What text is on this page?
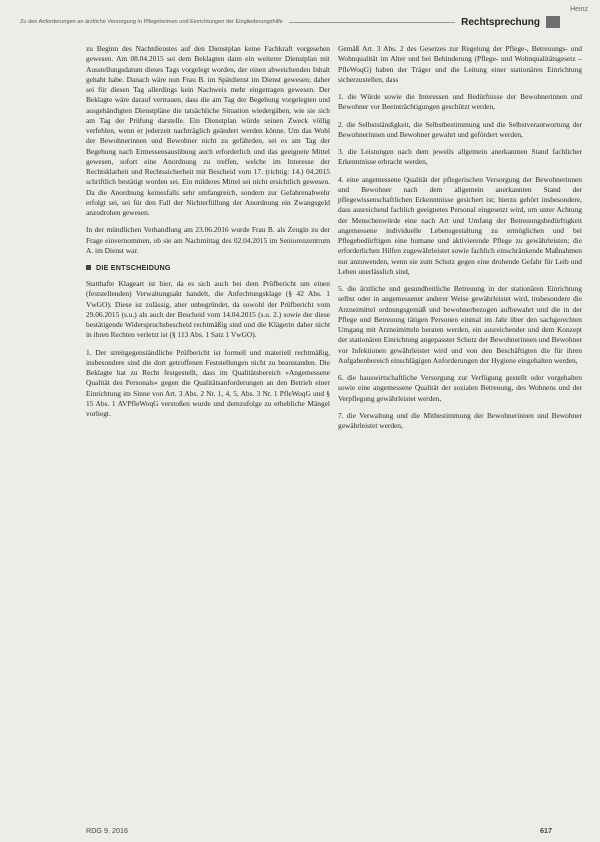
Heinz
Zu den Anforderungen an ärztliche Versorgung in Pflegeheimen und Einrichtungen der Eingliederungshilfe	Rechtsprechung

zu Beginn des Nachtdienstes auf den Dienstplan keine Fachkraft vorgesehen gewesen. Am 08.04.2015 sei dem Beklagten dann ein weiterer Dienstplan mit Ausstellungsdatum dieses Tags vorgelegt worden, der einen abweichenden Inhalt gehabt habe. Danach wäre nun Frau B. im Spätdienst im Dienst gewesen; daher sei für diesen Tag allerdings kein Nachweis mehr eingetragen gewesen. Der Beklagte wäre darauf vertrauen, dass die am Tag der Begehung vorgelegten und ausgehändigten Dienstpläne die tatsächliche Situation wiedergäben, wie sie sich am Tag der Prüfung darstelle. Ein Dienstplan würde seinen Zweck völlig verfehlen, wenn er jederzeit nachträglich geändert werden könne. Um das Wohl der Bewohnerinnen und Bewohner nicht zu gefährden, sei es am Tag der Begehung nach Ermessensausübung auch erforderlich und das geeignete Mittel gewesen, sofort eine Anordnung zu treffen, welche im Interesse der Rechtsklarheit und Rechtssicherheit mit Bescheid vom 17. (richtig: 14.) 04.2015 schriftlich bestätigt worden sei. Ein milderes Mittel sei nicht ersichtlich gewesen. Da die Anordnung keinesfalls sehr umfangreich, sondern zur Gefahrenabwehr erfolgt sei, sei für den Fall der Nichterfüllung der Anordnung ein Zwangsgeld anzudrohen gewesen.

In der mündlichen Verhandlung am 23.06.2016 wurde Frau B. als Zeugin zu der Frage einvernommen, ob sie am Nachmittag des 02.04.2015 im Seniorenzentrum A. im Dienst war.

DIE ENTSCHEIDUNG

Statthafte Klageart ist hier, da es sich auch bei dem Prüfbericht um einen (feststellenden) Verwaltungsakt handelt, die Anfechtungsklage (§ 42 Abs. 1 VwGO). Diese ist zulässig, aber unbegründet, da sowohl der Prüfbericht vom 29.06.2015 (s.u.) als auch der Bescheid vom 14.04.2015 (s.u. 2.) sowie der diese bestätigende Widerspruchsbescheid rechtmäßig sind und die Klägerin daher nicht in ihren Rechten verletzt ist (§ 113 Abs. 1 Satz 1 VwGO).

1. Der streitgegenständliche Prüfbericht ist formell und materiell rechtmäßig, insbesondere sind die dort getroffenen Feststellungen nicht zu beanstanden. Die Beklagte hat zu Recht festgestellt, dass im Qualitätsbereich »Angemessene Qualität des Personals« gegen die Qualitätsanforderungen an den Betrieb einer Einrichtung im Sinne von Art. 3 Abs. 2 Nr. 1, 4, 5, Abs. 3 Nr. 1 PfleWoqG und § 15 Abs. 1 AVPfleWoqG verstoßen wurde und demzufolge zu erhebliche Mängel vorliegt.

Gemäß Art. 3 Abs. 2 des Gesetzes zur Regelung der Pflege-, Betreuungs- und Wohnqualität im Alter und bei Behinderung (Pflege- und Wohnqualitätsgesetz – PfleWoqG) haben der Träger und die Leitung einer stationären Einrichtung sicherzustellen, dass

1. die Würde sowie die Interessen und Bedürfnisse der Bewohnerinnen und Bewohner vor Beeinträchtigungen geschützt werden,

2. die Selbstständigkeit, die Selbstbestimmung und die Selbstverantwortung der Bewohnerinnen und Bewohner gewahrt und gefördert werden,

3. die Leistungen nach dem jeweils allgemein anerkannten Stand fachlicher Erkenntnisse erbracht werden,

4. eine angemessene Qualität der pflegerischen Versorgung der Bewohnerinnen und Bewohner nach dem allgemein anerkannten Stand der pflegewissenschaftlichen Erkenntnisse gesichert ist; hierzu gehört insbesondere, dass ausreichend fachlich geeignetes Personal eingesetzt wird, um unter Achtung der Menschenwürde eine nach Art und Umfang der Betreuungsbedürftigkeit angemessene individuelle Lebensgestaltung zu ermöglichen und bei Pflegebedürftigen eine humane und aktivierende Pflege zu gewährleisten; die erforderlichen Hilfen zugewährleistet sowie fachlich einschränkende Maßnahmen nur anzuwenden, wenn sie zum Schutz gegen eine drohende Gefahr für Leib und Leben unerlässlich sind,

5. die ärztliche und gesundheitliche Betreuung in der stationären Einrichtung selbst oder in angemessener anderer Weise gewährleistet wird, insbesondere die Arzneimittel ordnungsgemäß und bewohnerbezogen aufbewahrt und die in der Pflege und Betreuung tätigen Personen einmal im Jahr über den sachgerechten Umgang mit Arzneimitteln beraten werden, ein ausreichender und dem Konzept der stationären Einrichtung angepasster Schutz der Bewohnerinnen und Bewohner vor Infektionen gewährleistet wird und von den Beschäftigten die für ihren Aufgabenbereich einschlägigen Anforderungen der Hygiene eingehalten werden,

6. die hauswirtschaftliche Versorgung zur Verfügung gestellt oder vorgehalten sowie eine angemessene Qualität der sozialen Betreuung, des Wohnens und der Verpflegung gewährleistet werden,

7. die Verwaltung und die Mitbestimmung der Bewohnerinnen und Bewohner gewährleistet werden,

RDG 9. 2016	617
